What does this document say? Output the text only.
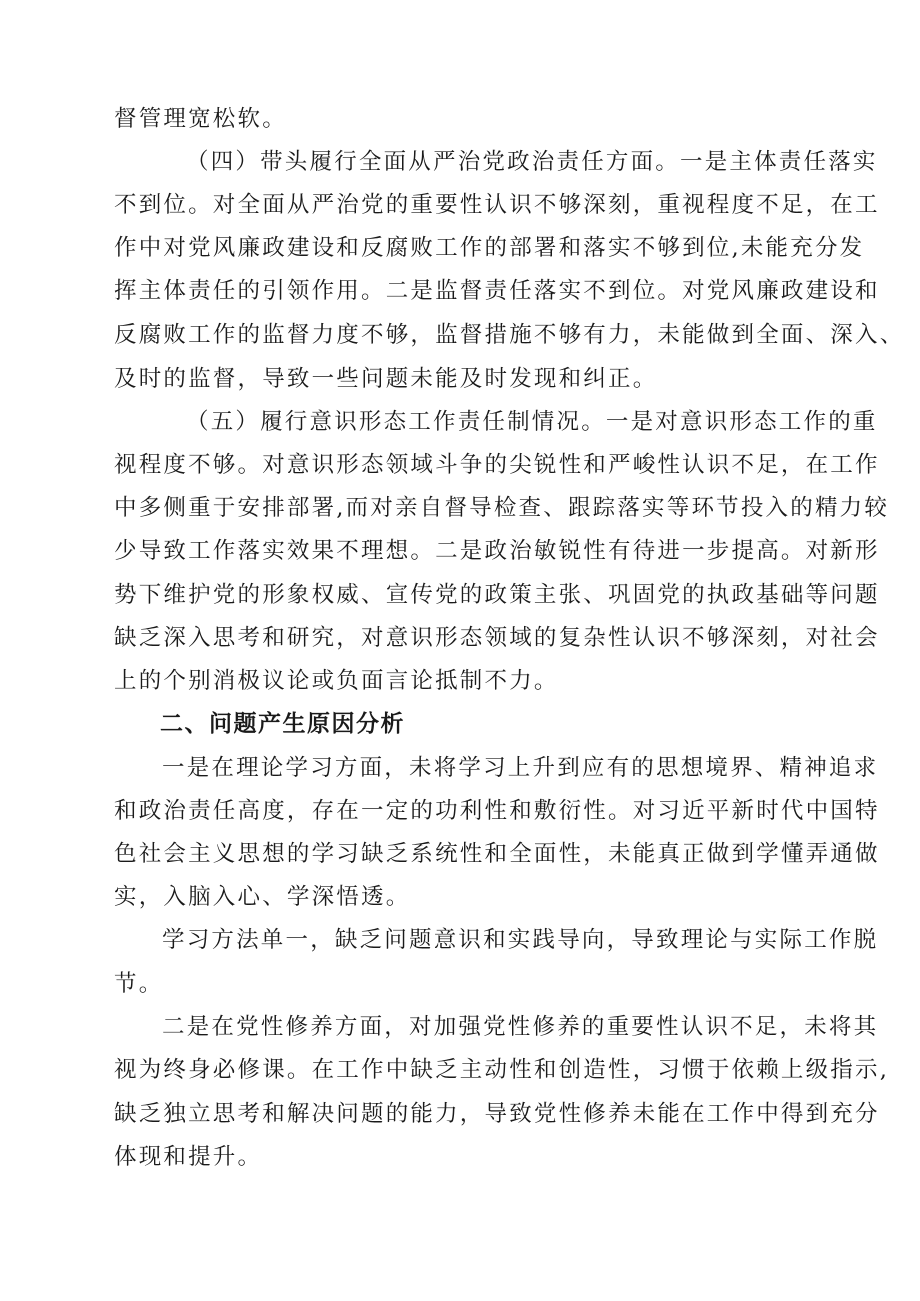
督管理宽松软。
（四）带头履行全面从严治党政治责任方面。一是主体责任落实
不到位。对全面从严治党的重要性认识不够深刻，重视程度不足，在工
作中对党风廉政建设和反腐败工作的部署和落实不够到位,未能充分发
挥主体责任的引领作用。二是监督责任落实不到位。对党风廉政建设和
反腐败工作的监督力度不够，监督措施不够有力，未能做到全面、深入、
及时的监督，导致一些问题未能及时发现和纠正。
（五）履行意识形态工作责任制情况。一是对意识形态工作的重
视程度不够。对意识形态领域斗争的尖锐性和严峻性认识不足，在工作
中多侧重于安排部署,而对亲自督导检查、跟踪落实等环节投入的精力较
少导致工作落实效果不理想。二是政治敏锐性有待进一步提高。对新形
势下维护党的形象权威、宣传党的政策主张、巩固党的执政基础等问题
缺乏深入思考和研究，对意识形态领域的复杂性认识不够深刻，对社会
上的个别消极议论或负面言论抵制不力。
二、问题产生原因分析
一是在理论学习方面，未将学习上升到应有的思想境界、精神追求
和政治责任高度，存在一定的功利性和敷衍性。对习近平新时代中国特
色社会主义思想的学习缺乏系统性和全面性，未能真正做到学懂弄通做
实，入脑入心、学深悟透。
学习方法单一，缺乏问题意识和实践导向，导致理论与实际工作脱
节。
二是在党性修养方面，对加强党性修养的重要性认识不足，未将其
视为终身必修课。在工作中缺乏主动性和创造性，习惯于依赖上级指示,
缺乏独立思考和解决问题的能力，导致党性修养未能在工作中得到充分
体现和提升。
